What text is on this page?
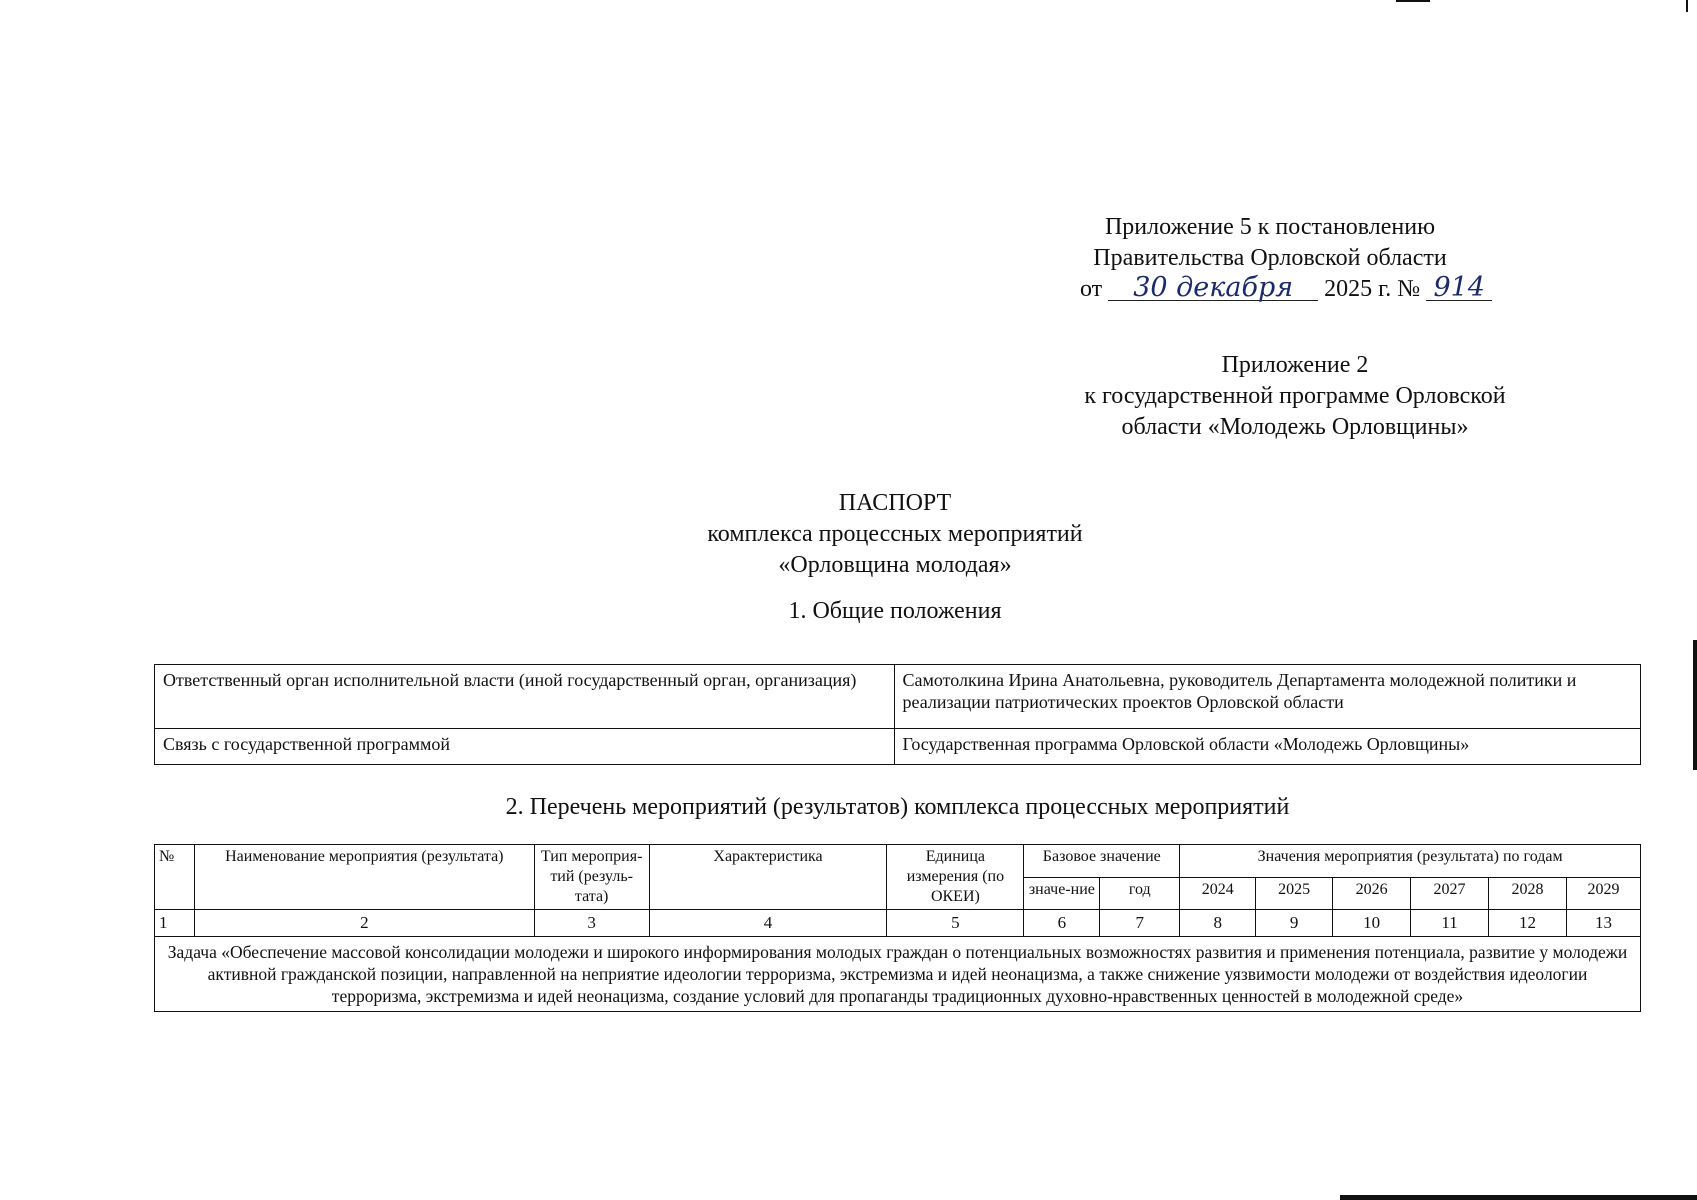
Приложение 5 к постановлению
Правительства Орловской области
от 30 декабря 2025 г. № 914
Приложение 2
к государственной программе Орловской
области «Молодежь Орловщины»
ПАСПОРТ
комплекса процессных мероприятий
«Орловщина молодая»
1. Общие положения
Ответственный орган исполнительной власти (иной государственный орган, организация)	Самотолкина Ирина Анатольевна, руководитель Департамента молодежной политики и реализации патриотических проектов Орловской области
Связь с государственной программой	Государственная программа Орловской области «Молодежь Орловщины»
2. Перечень мероприятий (результатов) комплекса процессных мероприятий
№	Наименование мероприятия (результата)	Тип мероприя-тий (резуль-тата)	Характеристика	Единица измерения (по ОКЕИ)	Базовое значение		Значения мероприятия (результата) по годам					
					значе-ние	год	2024	2025	2026	2027	2028	2029
1	2	3	4	5	6	7	8	9	10	11	12	13
Задача «Обеспечение массовой консолидации молодежи и широкого информирования молодых граждан о потенциальных возможностях развития и применения потенциала, развитие у молодежи активной гражданской позиции, направленной на неприятие идеологии терроризма, экстремизма и идей неонацизма, а также снижение уязвимости молодежи от воздействия идеологии терроризма, экстремизма и идей неонацизма, создание условий для пропаганды традиционных духовно-нравственных ценностей в молодежной среде»												
